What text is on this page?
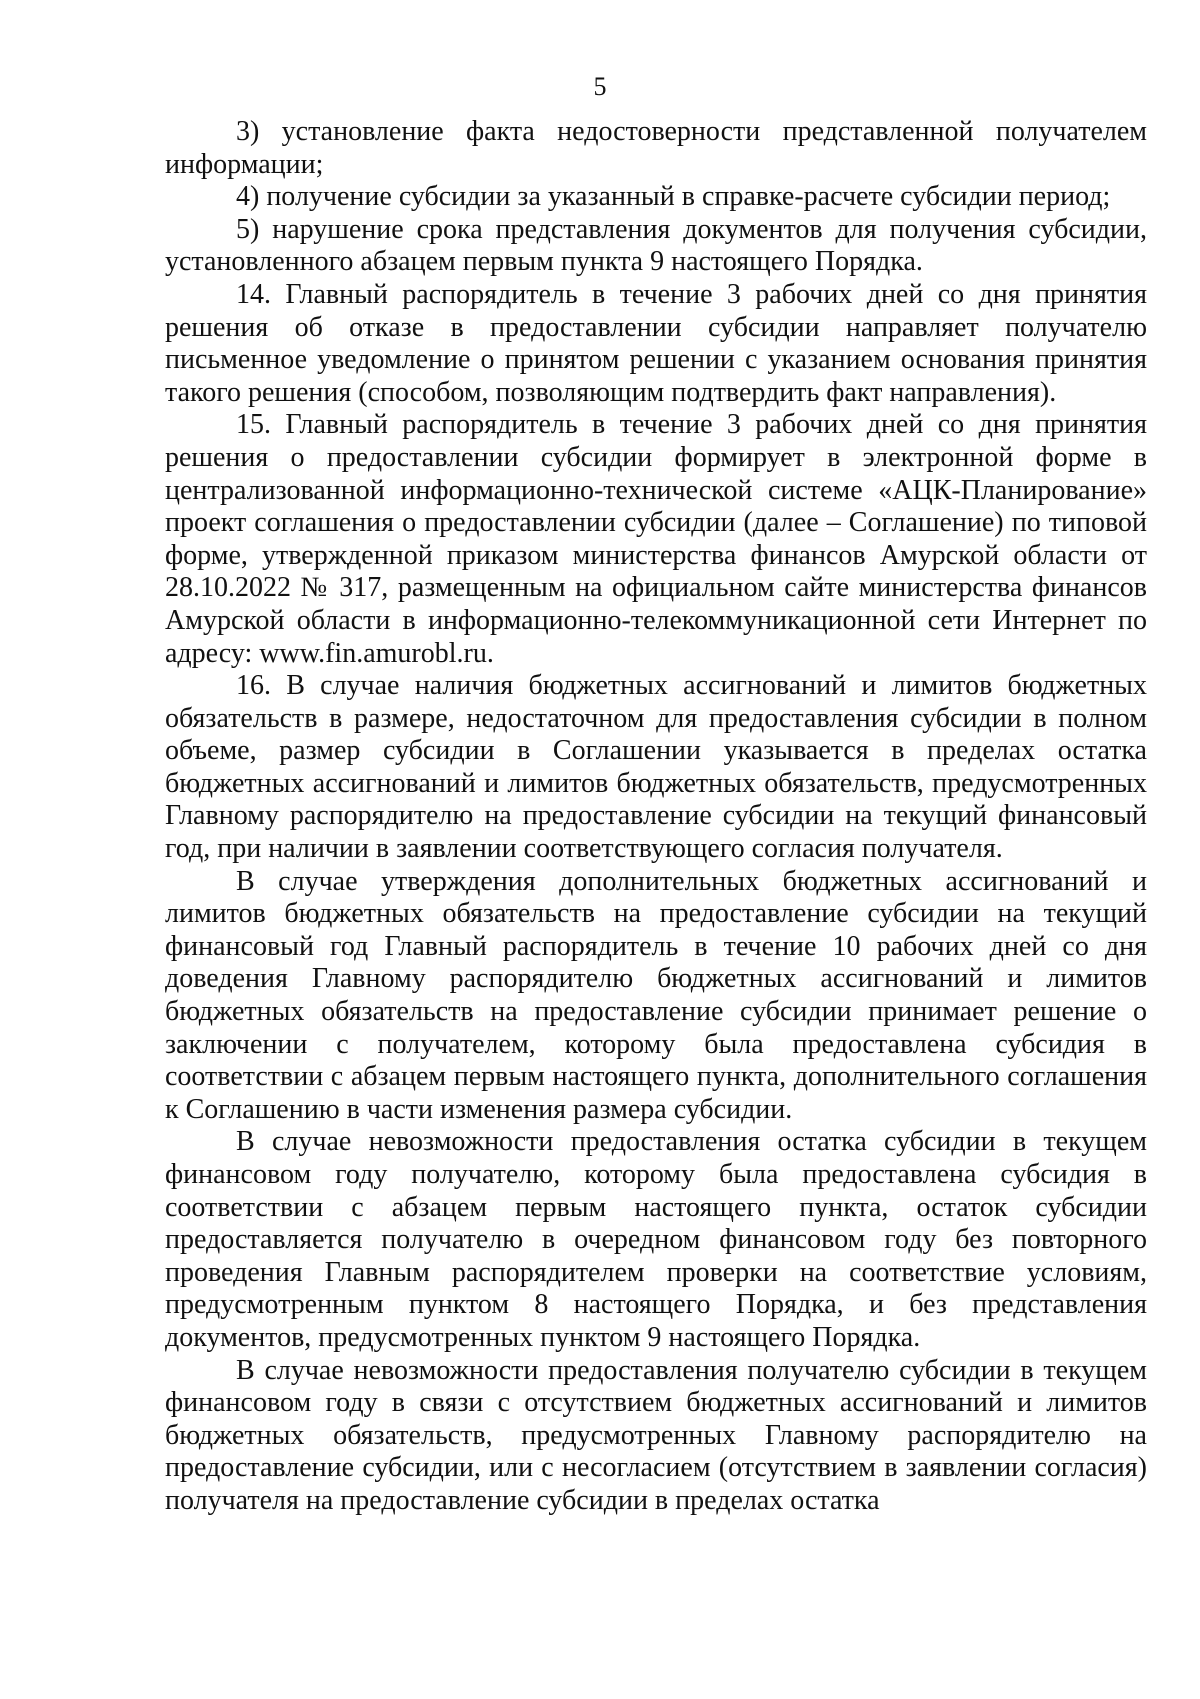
5

3) установление факта недостоверности представленной получателем информации;

4) получение субсидии за указанный в справке-расчете субсидии период;

5) нарушение срока представления документов для получения субсидии, установленного абзацем первым пункта 9 настоящего Порядка.

14. Главный распорядитель в течение 3 рабочих дней со дня принятия решения об отказе в предоставлении субсидии направляет получателю письменное уведомление о принятом решении с указанием основания принятия такого решения (способом, позволяющим подтвердить факт направления).

15. Главный распорядитель в течение 3 рабочих дней со дня принятия решения о предоставлении субсидии формирует в электронной форме в централизованной информационно-технической системе «АЦК-Планирование» проект соглашения о предоставлении субсидии (далее – Соглашение) по типовой форме, утвержденной приказом министерства финансов Амурской области от 28.10.2022 № 317, размещенным на официальном сайте министерства финансов Амурской области в информационно-телекоммуникационной сети Интернет по адресу: www.fin.amurobl.ru.

16. В случае наличия бюджетных ассигнований и лимитов бюджетных обязательств в размере, недостаточном для предоставления субсидии в полном объеме, размер субсидии в Соглашении указывается в пределах остатка бюджетных ассигнований и лимитов бюджетных обязательств, предусмотренных Главному распорядителю на предоставление субсидии на текущий финансовый год, при наличии в заявлении соответствующего согласия получателя.

В случае утверждения дополнительных бюджетных ассигнований и лимитов бюджетных обязательств на предоставление субсидии на текущий финансовый год Главный распорядитель в течение 10 рабочих дней со дня доведения Главному распорядителю бюджетных ассигнований и лимитов бюджетных обязательств на предоставление субсидии принимает решение о заключении с получателем, которому была предоставлена субсидия в соответствии с абзацем первым настоящего пункта, дополнительного соглашения к Соглашению в части изменения размера субсидии.

В случае невозможности предоставления остатка субсидии в текущем финансовом году получателю, которому была предоставлена субсидия в соответствии с абзацем первым настоящего пункта, остаток субсидии предоставляется получателю в очередном финансовом году без повторного проведения Главным распорядителем проверки на соответствие условиям, предусмотренным пунктом 8 настоящего Порядка, и без представления документов, предусмотренных пунктом 9 настоящего Порядка.

В случае невозможности предоставления получателю субсидии в текущем финансовом году в связи с отсутствием бюджетных ассигнований и лимитов бюджетных обязательств, предусмотренных Главному распорядителю на предоставление субсидии, или с несогласием (отсутствием в заявлении согласия) получателя на предоставление субсидии в пределах остатка
